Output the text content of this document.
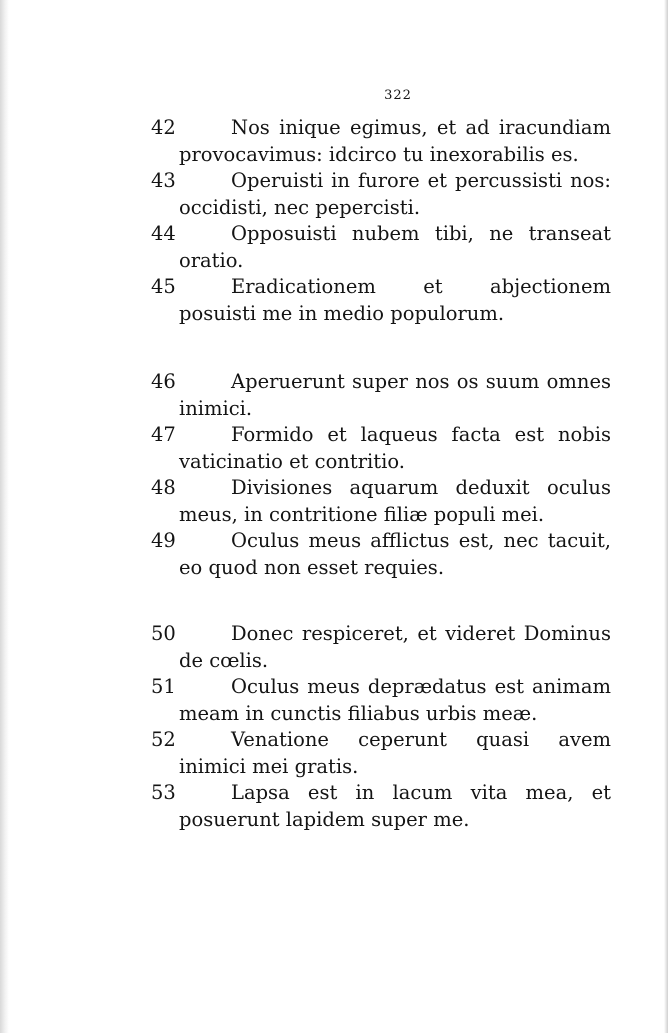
322

42	Nos inique egimus, et ad iracundiam provocavimus: idcirco tu inexorabilis es.

43	Operuisti in furore et percussisti nos: occidisti, nec pepercisti.

44	Opposuisti nubem tibi, ne transeat oratio.

45	Eradicationem et abjectionem posuisti me in medio populorum.

46	Aperuerunt super nos os suum omnes inimici.

47	Formido et laqueus facta est nobis vaticinatio et contritio.

48	Divisiones aquarum deduxit oculus meus, in contritione filiæ populi mei.

49	Oculus meus afflictus est, nec tacuit, eo quod non esset requies.

50	Donec respiceret, et videret Dominus de cœlis.

51	Oculus meus deprædatus est animam meam in cunctis filiabus urbis meæ.

52	Venatione ceperunt quasi avem inimici mei gratis.

53	Lapsa est in lacum vita mea, et posuerunt lapidem super me.
